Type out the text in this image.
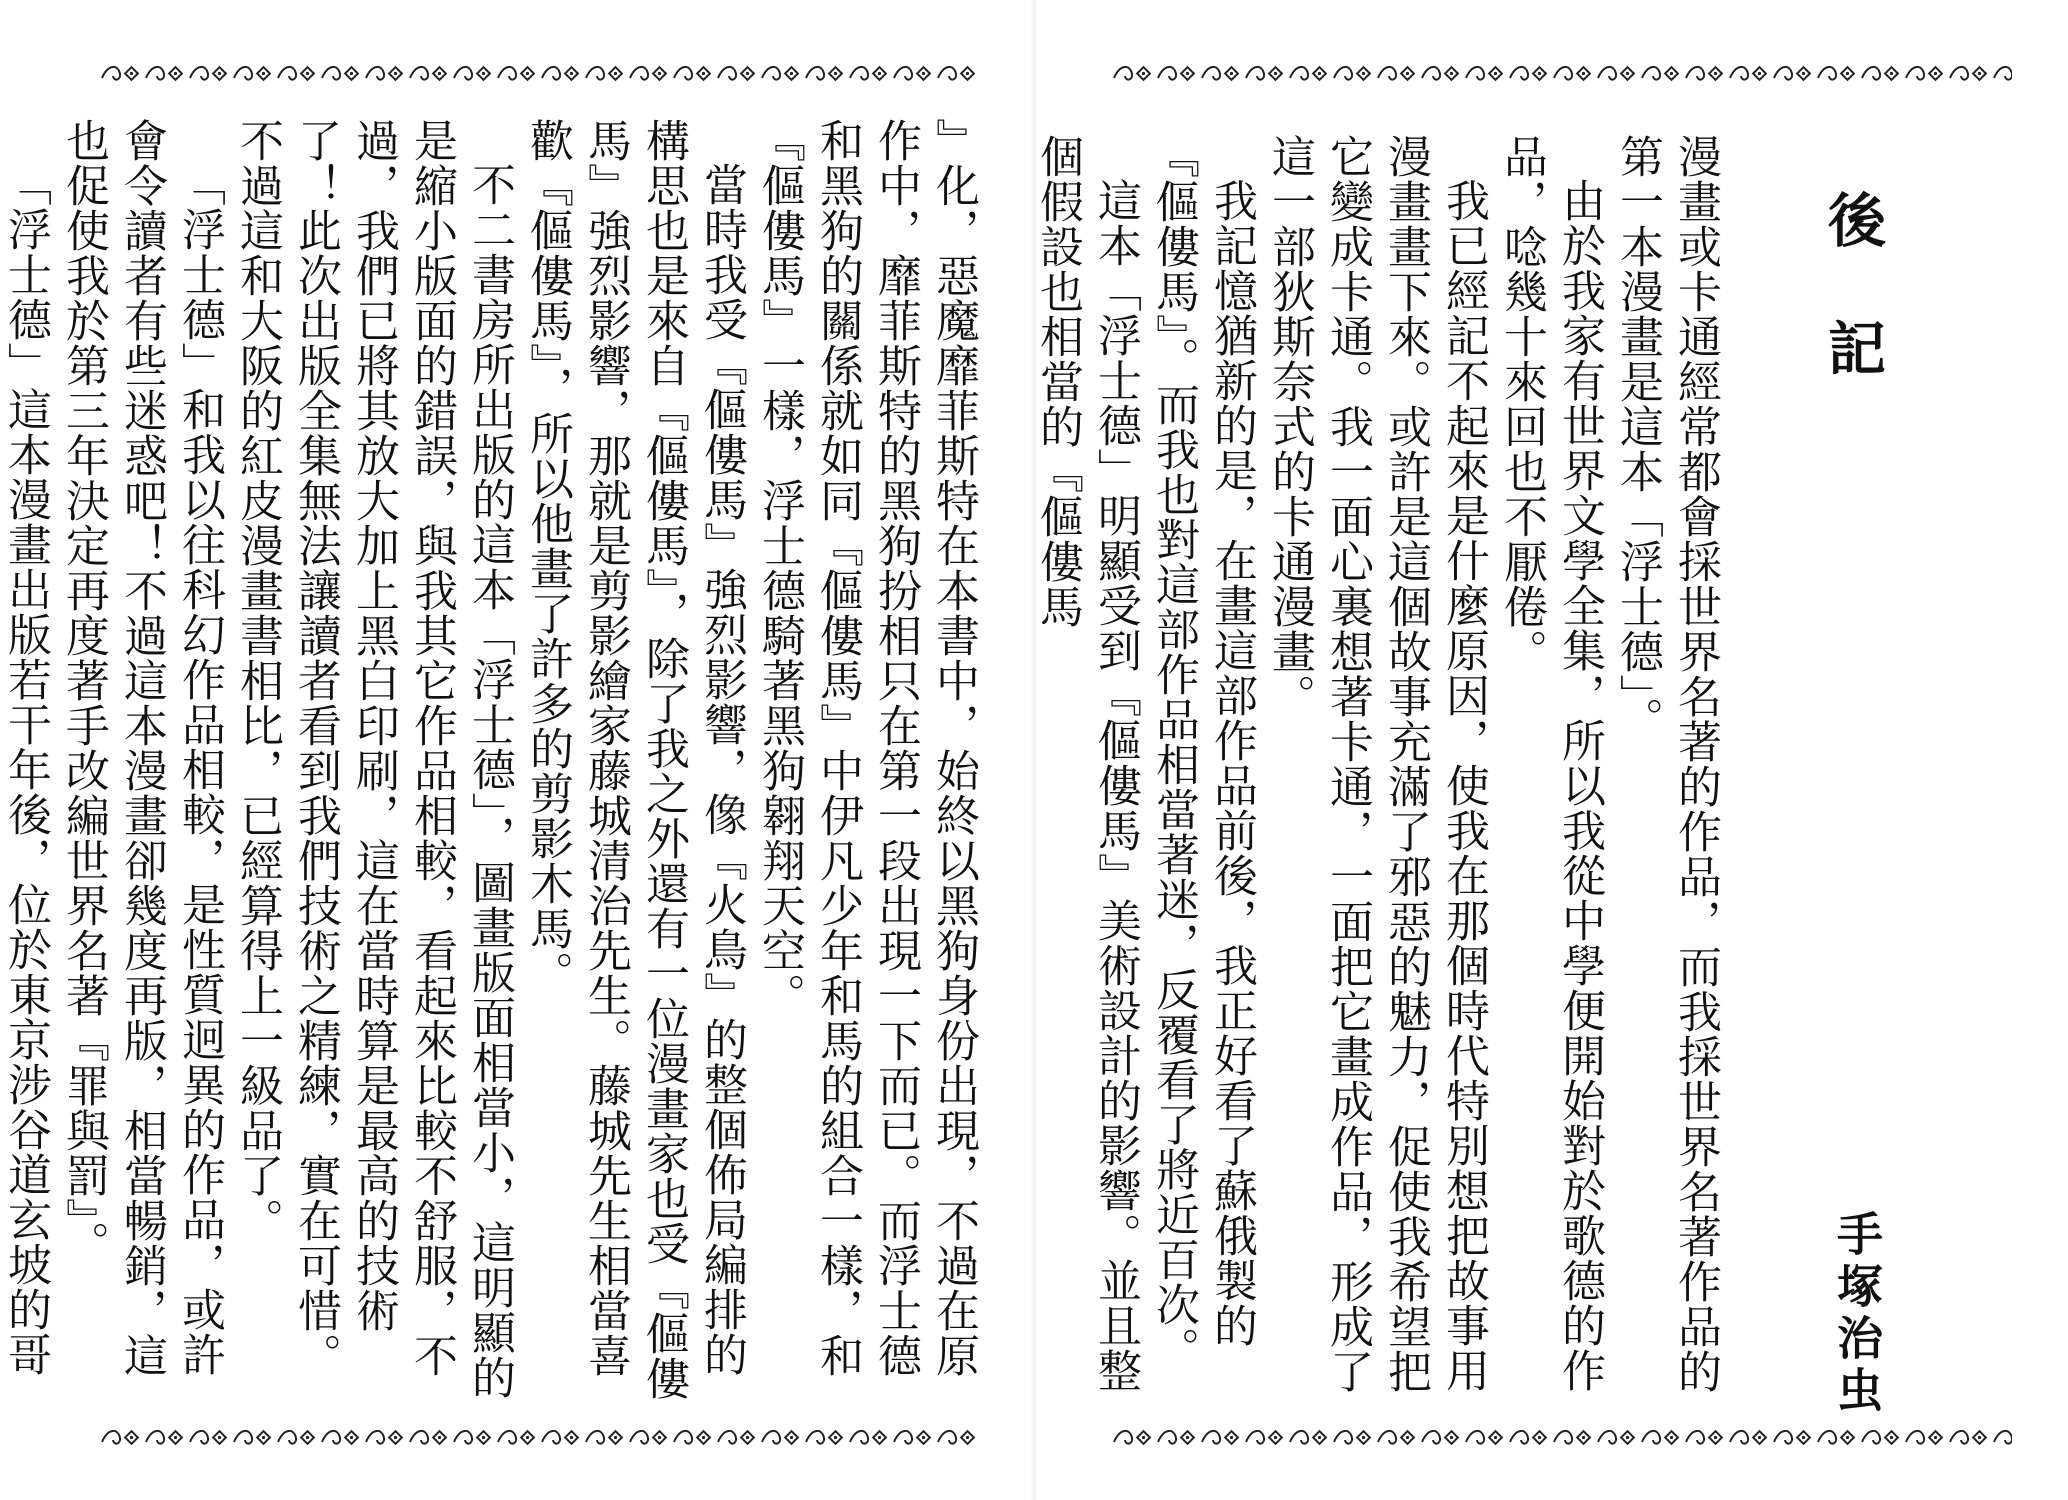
』化，惡魔靡菲斯特在本書中，始終以黑狗身份出現，不過在原作中，靡菲斯特的黑狗扮相只在第一段出現一下而已。而浮士德和黑狗的關係就如同『傴僂馬』中伊凡少年和馬的組合一樣，和『傴僂馬』一樣，浮士德騎著黑狗翱翔天空。

當時我受『傴僂馬』強烈影響，像『火鳥』的整個佈局編排的構思也是來自『傴僂馬』，除了我之外還有一位漫畫家也受『傴僂馬』強烈影響，那就是剪影繪家藤城清治先生。藤城先生相當喜歡『傴僂馬』，所以他畫了許多的剪影木馬。

不二書房所出版的這本「浮士德」，圖畫版面相當小，這明顯的是縮小版面的錯誤，與我其它作品相較，看起來比較不舒服，不過，我們已將其放大加上黑白印刷，這在當時算是最高的技術了！此次出版全集無法讓讀者看到我們技術之精練，實在可惜。不過這和大阪的紅皮漫畫書相比，已經算得上一級品了。

「浮士德」和我以往科幻作品相較，是性質迥異的作品，或許會令讀者有些迷惑吧！不過這本漫畫卻幾度再版，相當暢銷，這也促使我於第三年決定再度著手改編世界名著『罪與罰』。

「浮士德」這本漫畫出版若干年後，位於東京涉谷道玄坡的哥

後記

漫畫或卡通經常都會採世界名著的作品，而我採世界名著作品的第一本漫畫是這本「浮士德」。

由於我家有世界文學全集，所以我從中學便開始對於歌德的作品，唸幾十來回也不厭倦。

我已經記不起來是什麼原因，使我在那個時代特別想把故事用漫畫畫下來。或許是這個故事充滿了邪惡的魅力，促使我希望把它變成卡通。我一面心裏想著卡通，一面把它畫成作品，形成了這一部狄斯奈式的卡通漫畫。

我記憶猶新的是，在畫這部作品前後，我正好看了蘇俄製的『傴僂馬』。而我也對這部作品相當著迷，反覆看了將近百次。

這本「浮士德」明顯受到『傴僂馬』美術設計的影響。並且整個假設也相當的『傴僂馬

手塚治虫
